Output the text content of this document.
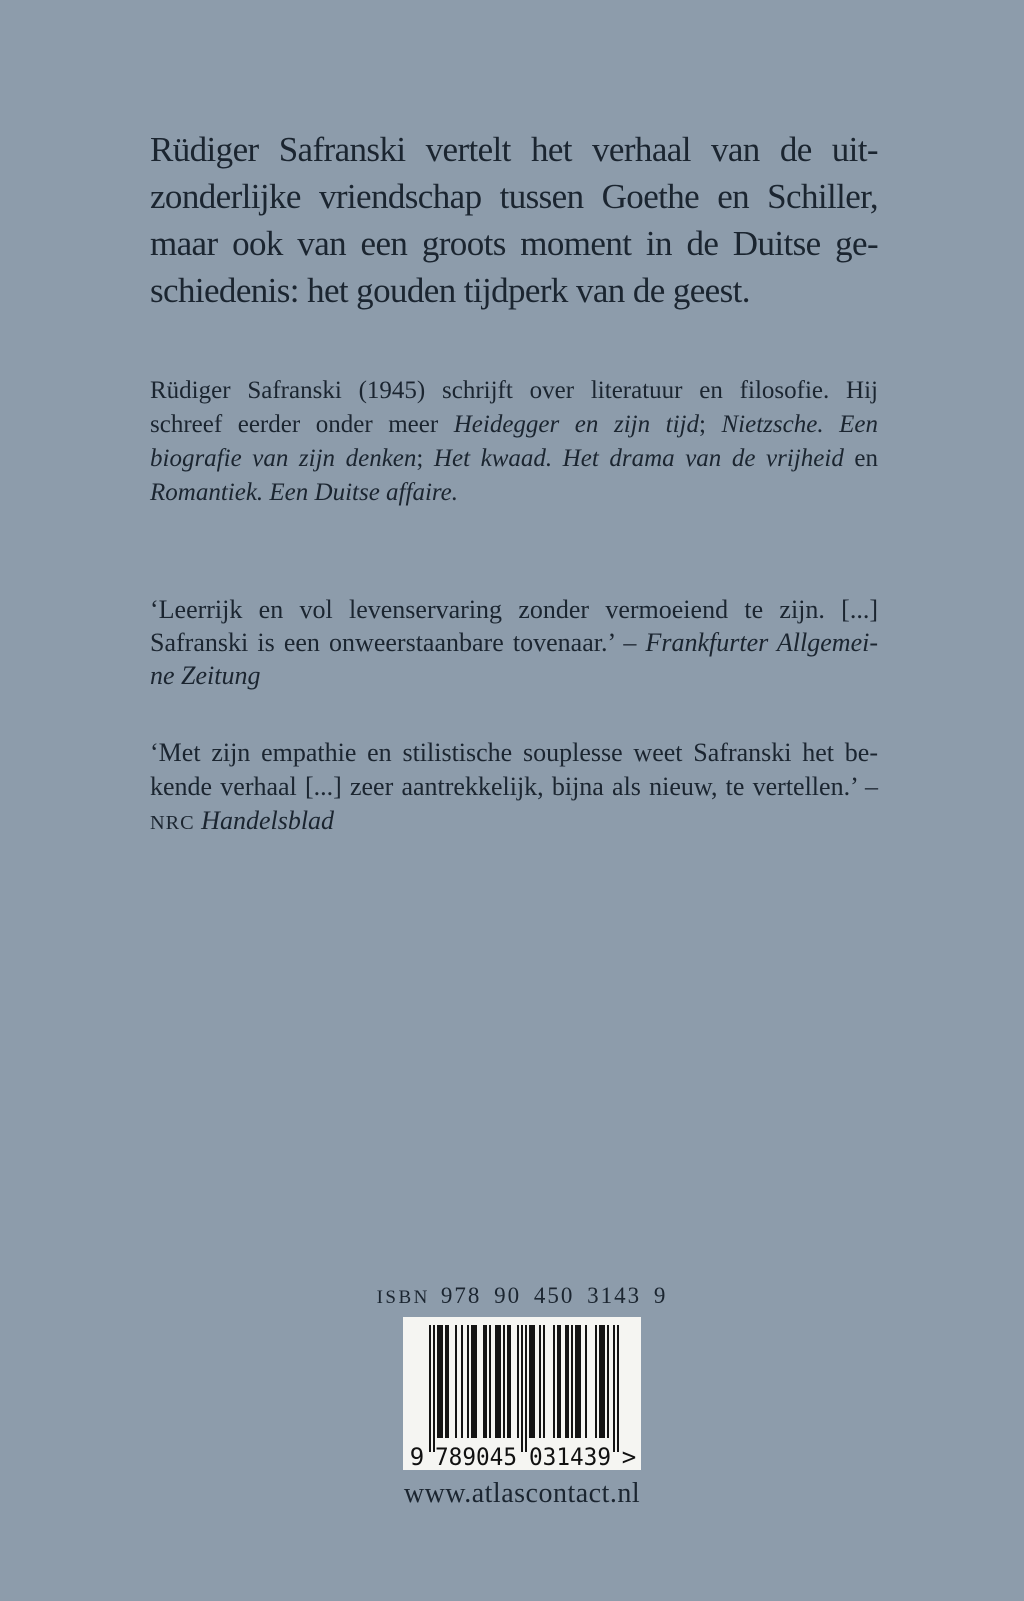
Rüdiger Safranski vertelt het verhaal van de uit-
zonderlijke vriendschap tussen Goethe en Schiller,
maar ook van een groots moment in de Duitse ge-
schiedenis: het gouden tijdperk van de geest.
Rüdiger Safranski (1945) schrijft over literatuur en filosofie. Hij
schreef eerder onder meer Heidegger en zijn tijd; Nietzsche. Een
biografie van zijn denken; Het kwaad. Het drama van de vrijheid en
Romantiek. Een Duitse affaire.
‘Leerrijk en vol levenservaring zonder vermoeiend te zijn. [...]
Safranski is een onweerstaanbare tovenaar.’ – Frankfurter Allgemei-
ne Zeitung
‘Met zijn empathie en stilistische souplesse weet Safranski het be-
kende verhaal [...] zeer aantrekkelijk, bijna als nieuw, te vertellen.’ –
NRC Handelsblad
ISBN 978 90 450 3143 9
9 789045 031439 >
www.atlascontact.nl
